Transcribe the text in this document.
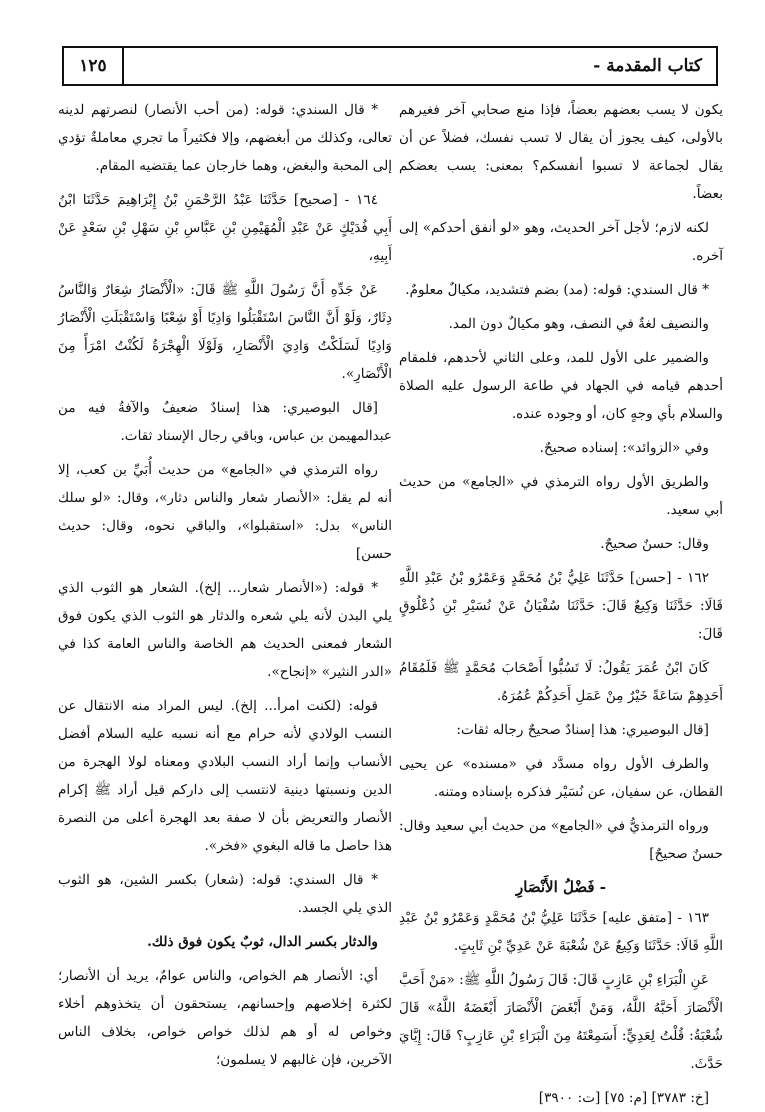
١٢٥	كتاب المقدمة -

يكون لا يسب بعضهم بعضاً، فإذا منع صحابي آخر فغيرهم بالأولى، كيف يجوز أن يقال لا تسب نفسك، فضلاً عن أن يقال لجماعة لا تسبوا أنفسكم؟ بمعنى: يسب بعضكم بعضاً.

لكنه لازم؛ لأجل آخر الحديث، وهو «لو أنفق أحدكم» إلى آخره.

* قال السندي: قوله: (مد) بضم فتشديد، مكيالٌ معلومٌ.

والنصيف لغةٌ في النصف، وهو مكيالٌ دون المد.

والضمير على الأول للمد، وعلى الثاني لأحدهم، فلمقام أحدهم قيامه في الجهاد في طاعة الرسول عليه الصلاة والسلام بأي وجهٍ كان، أو وجوده عنده.

وفي «الزوائد»: إسناده صحيحٌ.

والطريق الأول رواه الترمذي في «الجامع» من حديث أبي سعيد.

وقال: حسنٌ صحيحٌ.

١٦٢ - [حسن] حَدَّثَنَا عَلِيُّ بْنُ مُحَمَّدٍ وَعَمْرُو بْنُ عَبْدِ اللَّهِ قَالَا: حَدَّثَنَا وَكِيعٌ قَالَ: حَدَّثَنَا سُفْيَانُ عَنْ نُسَيْرِ بْنِ ذُعْلُوقٍ قَالَ:

كَانَ ابْنُ عُمَرَ يَقُولُ: لَا تَسُبُّوا أَصْحَابَ مُحَمَّدٍ ﷺ فَلَمُقَامُ أَحَدِهِمْ سَاعَةً خَيْرٌ مِنْ عَمَلِ أَحَدِكُمْ عُمُرَهُ.

[قال البوصيري: هذا إسنادٌ صحيحٌ رجاله ثقات:

والطرف الأول رواه مسدَّد في «مسنده» عن يحيى القطان، عن سفيان، عن نُسَيْر فذكره بإسناده ومتنه.

ورواه الترمذيُّ في «الجامع» من حديث أبي سعيد وقال: حسنٌ صحيحٌ]

- فَضْلُ الأَنْصَارِ

١٦٣ - [متفق عليه] حَدَّثَنَا عَلِيُّ بْنُ مُحَمَّدٍ وَعَمْرُو بْنُ عَبْدِ اللَّهِ قَالَا: حَدَّثَنَا وَكِيعٌ عَنْ شُعْبَةَ عَنْ عَدِيِّ بْنِ ثَابِتٍ.

عَنِ الْبَرَاءِ بْنِ عَازِبٍ قَالَ: قَالَ رَسُولُ اللَّهِ ﷺ: «مَنْ أَحَبَّ الْأَنْصَارَ أَحَبَّهُ اللَّهُ، وَمَنْ أَبْغَضَ الْأَنْصَارَ أَبْغَضَهُ اللَّهُ» قَالَ شُعْبَةُ: قُلْتُ لِعَدِيٍّ: أَسَمِعْتَهُ مِنَ الْبَرَاءِ بْنِ عَازِبٍ؟ قَالَ: إِيَّايَ حَدَّثَ.

[خ: ٣٧٨٣] [م: ٧٥] [ت: ٣٩٠٠]

* قال السندي: قوله: (من أحب الأنصار) لنصرتهم لدينه تعالى، وكذلك من أبغضهم، وإلا فكثيراً ما تجري معاملةٌ تؤدي إلى المحبة والبغض، وهما خارجان عما يقتضيه المقام.

١٦٤ - [صحيح] حَدَّثَنَا عَبْدُ الرَّحْمَنِ بْنُ إِبْرَاهِيمَ حَدَّثَنَا ابْنُ أَبِي فُدَيْكٍ عَنْ عَبْدِ الْمُهَيْمِنِ بْنِ عَبَّاسِ بْنِ سَهْلِ بْنِ سَعْدٍ عَنْ أَبِيهِ،

عَنْ جَدِّهِ أَنَّ رَسُولَ اللَّهِ ﷺ قَالَ: «الْأَنْصَارُ شِعَارٌ وَالنَّاسُ دِثَارٌ، وَلَوْ أَنَّ النَّاسَ اسْتَقْبَلُوا وَادِيًا أَوْ شِعْبًا وَاسْتَقْبَلَتِ الْأَنْصَارُ وَادِيًا لَسَلَكْتُ وَادِيَ الْأَنْصَارِ، وَلَوْلَا الْهِجْرَةُ لَكُنْتُ امْرَأً مِنَ الْأَنْصَارِ».

[قال البوصيري: هذا إسنادٌ ضعيفٌ والآفةُ فيه من عبدالمهيمن بن عباس، وباقي رجال الإسناد ثقات.

رواه الترمذي في «الجامع» من حديث أُبَيِّ بن كعب، إلا أنه لم يقل: «الأنصار شعار والناس دثار»، وقال: «لو سلك الناس» بدل: «استقبلوا»، والباقي نحوه، وقال: حديث حسن]

* قوله: («الأنصار شعار... إلخ). الشعار هو الثوب الذي يلي البدن لأنه يلي شعره والدثار هو الثوب الذي يكون فوق الشعار فمعنى الحديث هم الخاصة والناس العامة كذا في «الدر النثير» «إنجاح».

قوله: (لكنت امرأ... إلخ). ليس المراد منه الانتقال عن النسب الولادي لأنه حرام مع أنه نسبه عليه السلام أفضل الأنساب وإنما أراد النسب البلادي ومعناه لولا الهجرة من الدين ونسبتها دينية لانتسب إلى داركم قيل أراد ﷺ إكرام الأنصار والتعريض بأن لا صفة بعد الهجرة أعلى من النصرة هذا حاصل ما قاله البغوي «فخر».

* قال السندي: قوله: (شعار) بكسر الشين، هو الثوب الذي يلي الجسد.

والدثار بكسر الدال، ثوبٌ يكون فوق ذلك.

أي: الأنصار هم الخواص، والناس عوامٌ، يريد أن الأنصار؛ لكثرة إخلاصهم وإحسانهم، يستحقون أن يتخذوهم أخلاء وخواص له أو هم لذلك خواص خواص، بخلاف الناس الآخرين، فإن غالبهم لا يسلمون؛
